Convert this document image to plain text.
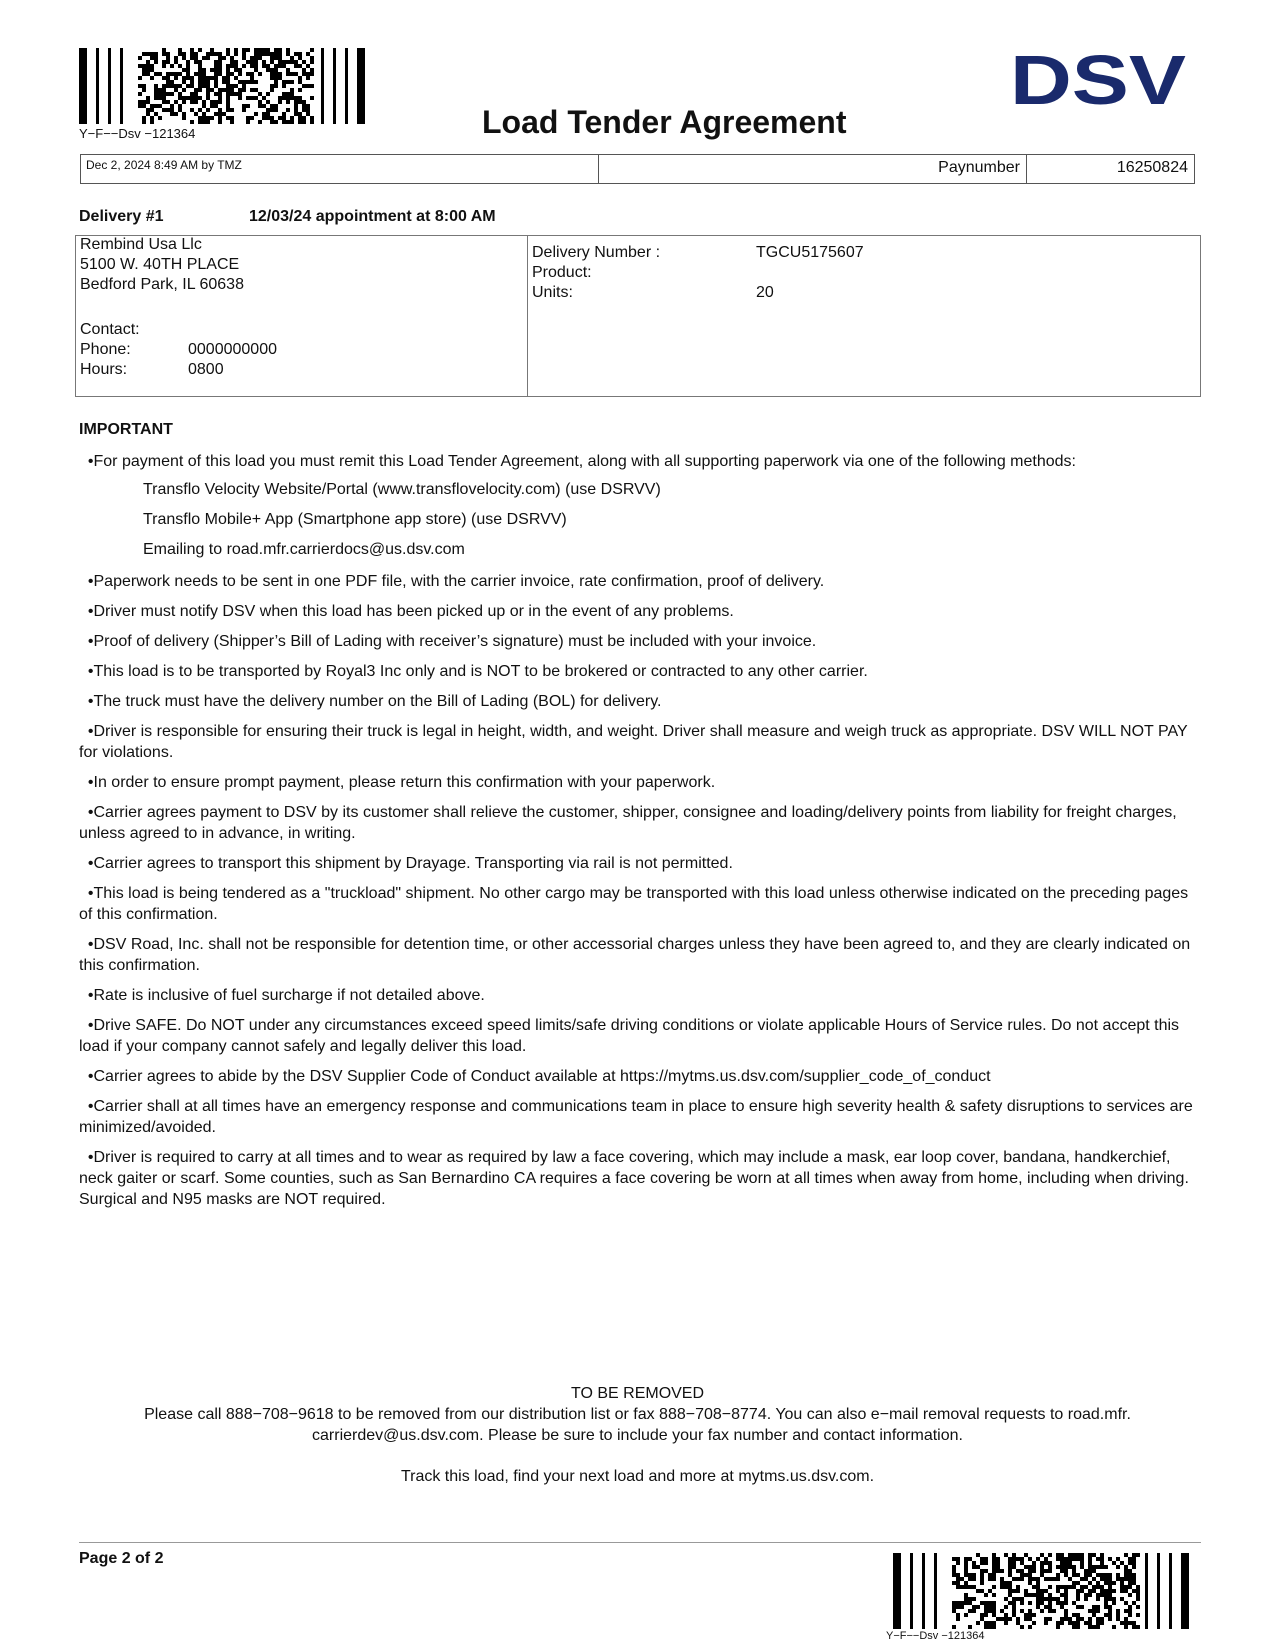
Y−F−−Dsv −121364	Load Tender Agreement
DSV
Dec 2, 2024 8:49 AM by TMZ	Paynumber	16250824
Delivery #1	12/03/24 appointment at 8:00 AM
Rembind Usa Llc
5100 W. 40TH PLACE
Bedford Park, IL 60638
Contact:
Phone:	0000000000
Hours:	0800
Delivery Number :	TGCU5175607
Product:
Units:	20
IMPORTANT
•For payment of this load you must remit this Load Tender Agreement, along with all supporting paperwork via one of the following methods:
Transflo Velocity Website/Portal (www.transflovelocity.com) (use DSRVV)
Transflo Mobile+ App (Smartphone app store) (use DSRVV)
Emailing to road.mfr.carrierdocs@us.dsv.com
•Paperwork needs to be sent in one PDF file, with the carrier invoice, rate confirmation, proof of delivery.
•Driver must notify DSV when this load has been picked up or in the event of any problems.
•Proof of delivery (Shipper’s Bill of Lading with receiver’s signature) must be included with your invoice.
•This load is to be transported by Royal3 Inc only and is NOT to be brokered or contracted to any other carrier.
•The truck must have the delivery number on the Bill of Lading (BOL) for delivery.
•Driver is responsible for ensuring their truck is legal in height, width, and weight. Driver shall measure and weigh truck as appropriate. DSV WILL NOT PAY for violations.
•In order to ensure prompt payment, please return this confirmation with your paperwork.
•Carrier agrees payment to DSV by its customer shall relieve the customer, shipper, consignee and loading/delivery points from liability for freight charges, unless agreed to in advance, in writing.
•Carrier agrees to transport this shipment by Drayage. Transporting via rail is not permitted.
•This load is being tendered as a "truckload" shipment. No other cargo may be transported with this load unless otherwise indicated on the preceding pages of this confirmation.
•DSV Road, Inc. shall not be responsible for detention time, or other accessorial charges unless they have been agreed to, and they are clearly indicated on this confirmation.
•Rate is inclusive of fuel surcharge if not detailed above.
•Drive SAFE. Do NOT under any circumstances exceed speed limits/safe driving conditions or violate applicable Hours of Service rules. Do not accept this load if your company cannot safely and legally deliver this load.
•Carrier agrees to abide by the DSV Supplier Code of Conduct available at https://mytms.us.dsv.com/supplier_code_of_conduct
•Carrier shall at all times have an emergency response and communications team in place to ensure high severity health & safety disruptions to services are minimized/avoided.
•Driver is required to carry at all times and to wear as required by law a face covering, which may include a mask, ear loop cover, bandana, handkerchief, neck gaiter or scarf. Some counties, such as San Bernardino CA requires a face covering be worn at all times when away from home, including when driving. Surgical and N95 masks are NOT required.
TO BE REMOVED
Please call 888−708−9618 to be removed from our distribution list or fax 888−708−8774. You can also e−mail removal requests to road.mfr.
carrierdev@us.dsv.com. Please be sure to include your fax number and contact information.
Track this load, find your next load and more at mytms.us.dsv.com.
Page 2 of 2
Y−F−−Dsv −121364
